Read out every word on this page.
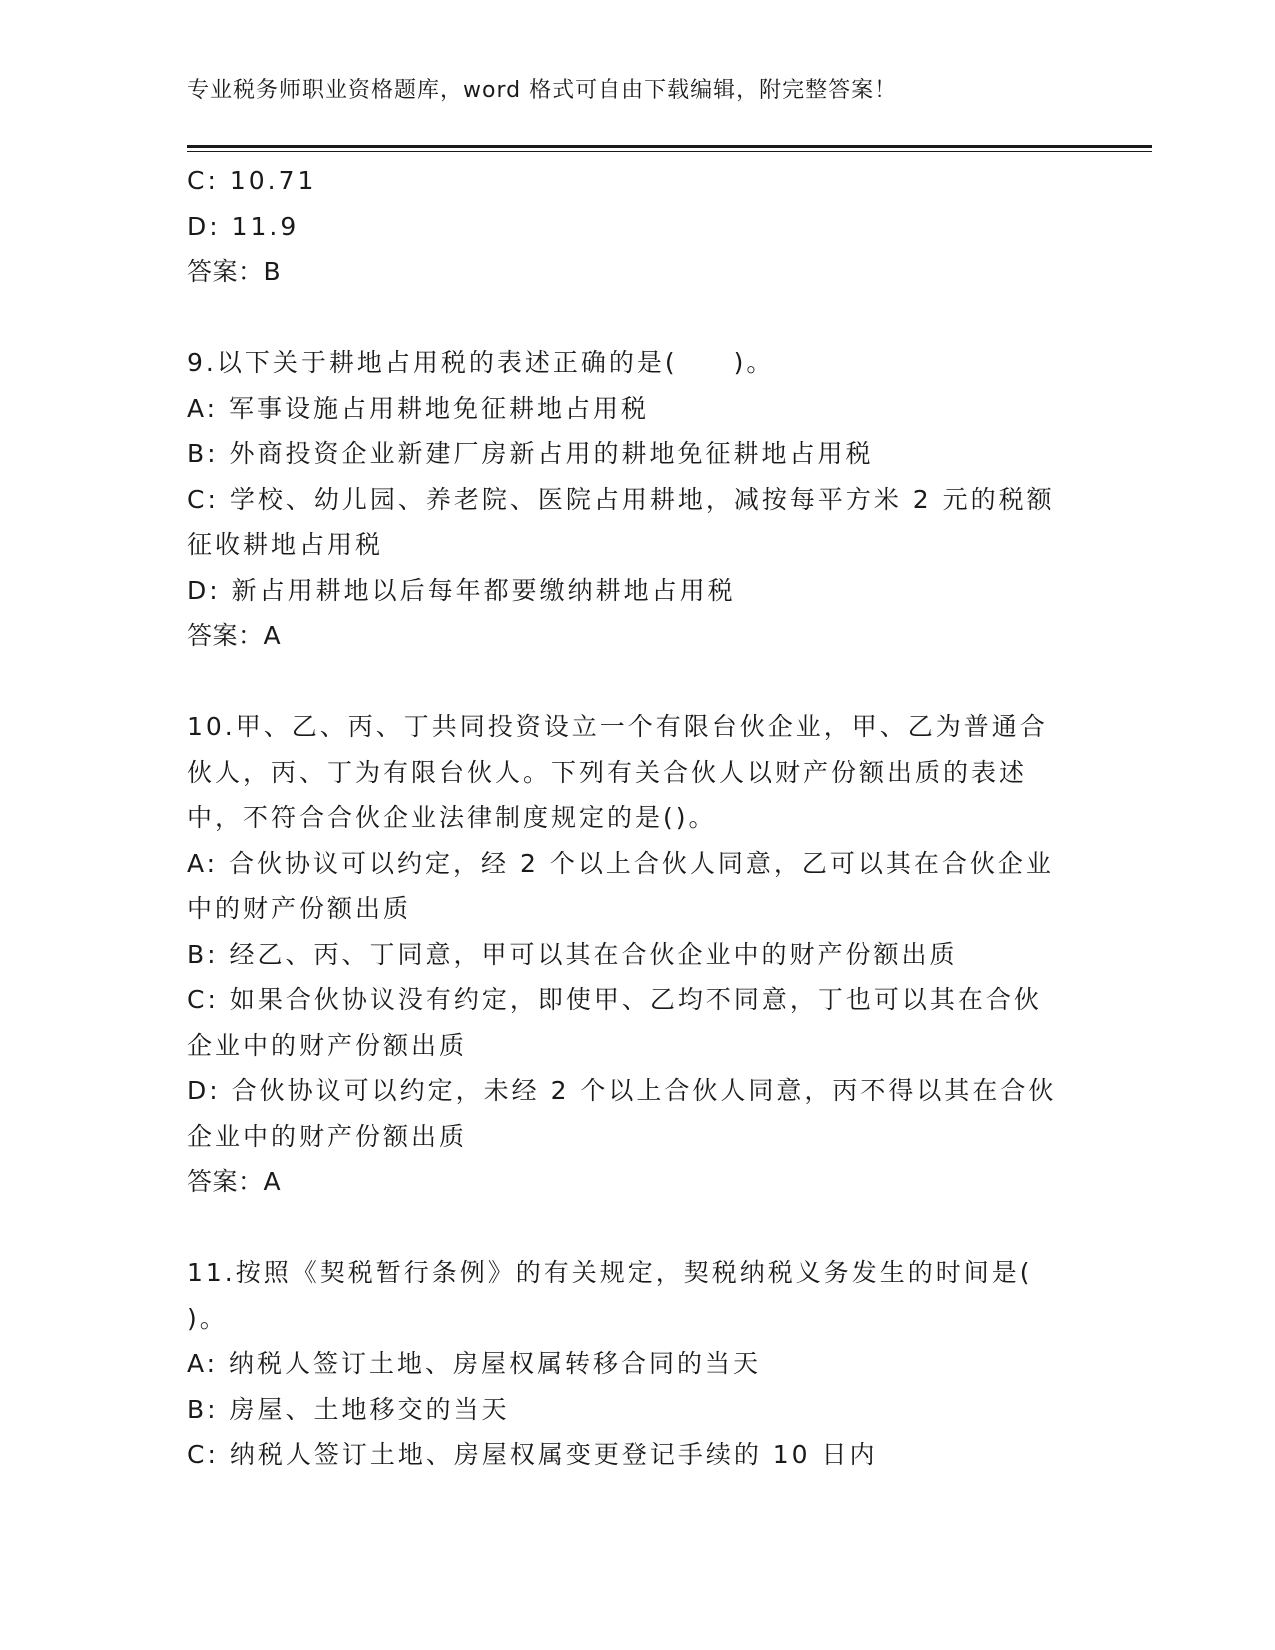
专业税务师职业资格题库，word 格式可自由下载编辑，附完整答案！
C: 10.71
D: 11.9
答案：B
9.以下关于耕地占用税的表述正确的是(　　)。
A: 军事设施占用耕地免征耕地占用税
B: 外商投资企业新建厂房新占用的耕地免征耕地占用税
C: 学校、幼儿园、养老院、医院占用耕地，减按每平方米 2 元的税额
征收耕地占用税
D: 新占用耕地以后每年都要缴纳耕地占用税
答案：A
10.甲、乙、丙、丁共同投资设立一个有限台伙企业，甲、乙为普通合
伙人，丙、丁为有限台伙人。下列有关合伙人以财产份额出质的表述
中，不符合合伙企业法律制度规定的是()。
A: 合伙协议可以约定，经 2 个以上合伙人同意，乙可以其在合伙企业
中的财产份额出质
B: 经乙、丙、丁同意，甲可以其在合伙企业中的财产份额出质
C: 如果合伙协议没有约定，即使甲、乙均不同意，丁也可以其在合伙
企业中的财产份额出质
D: 合伙协议可以约定，未经 2 个以上合伙人同意，丙不得以其在合伙
企业中的财产份额出质
答案：A
11.按照《契税暂行条例》的有关规定，契税纳税义务发生的时间是(
)。
A: 纳税人签订土地、房屋权属转移合同的当天
B: 房屋、土地移交的当天
C: 纳税人签订土地、房屋权属变更登记手续的 10 日内
